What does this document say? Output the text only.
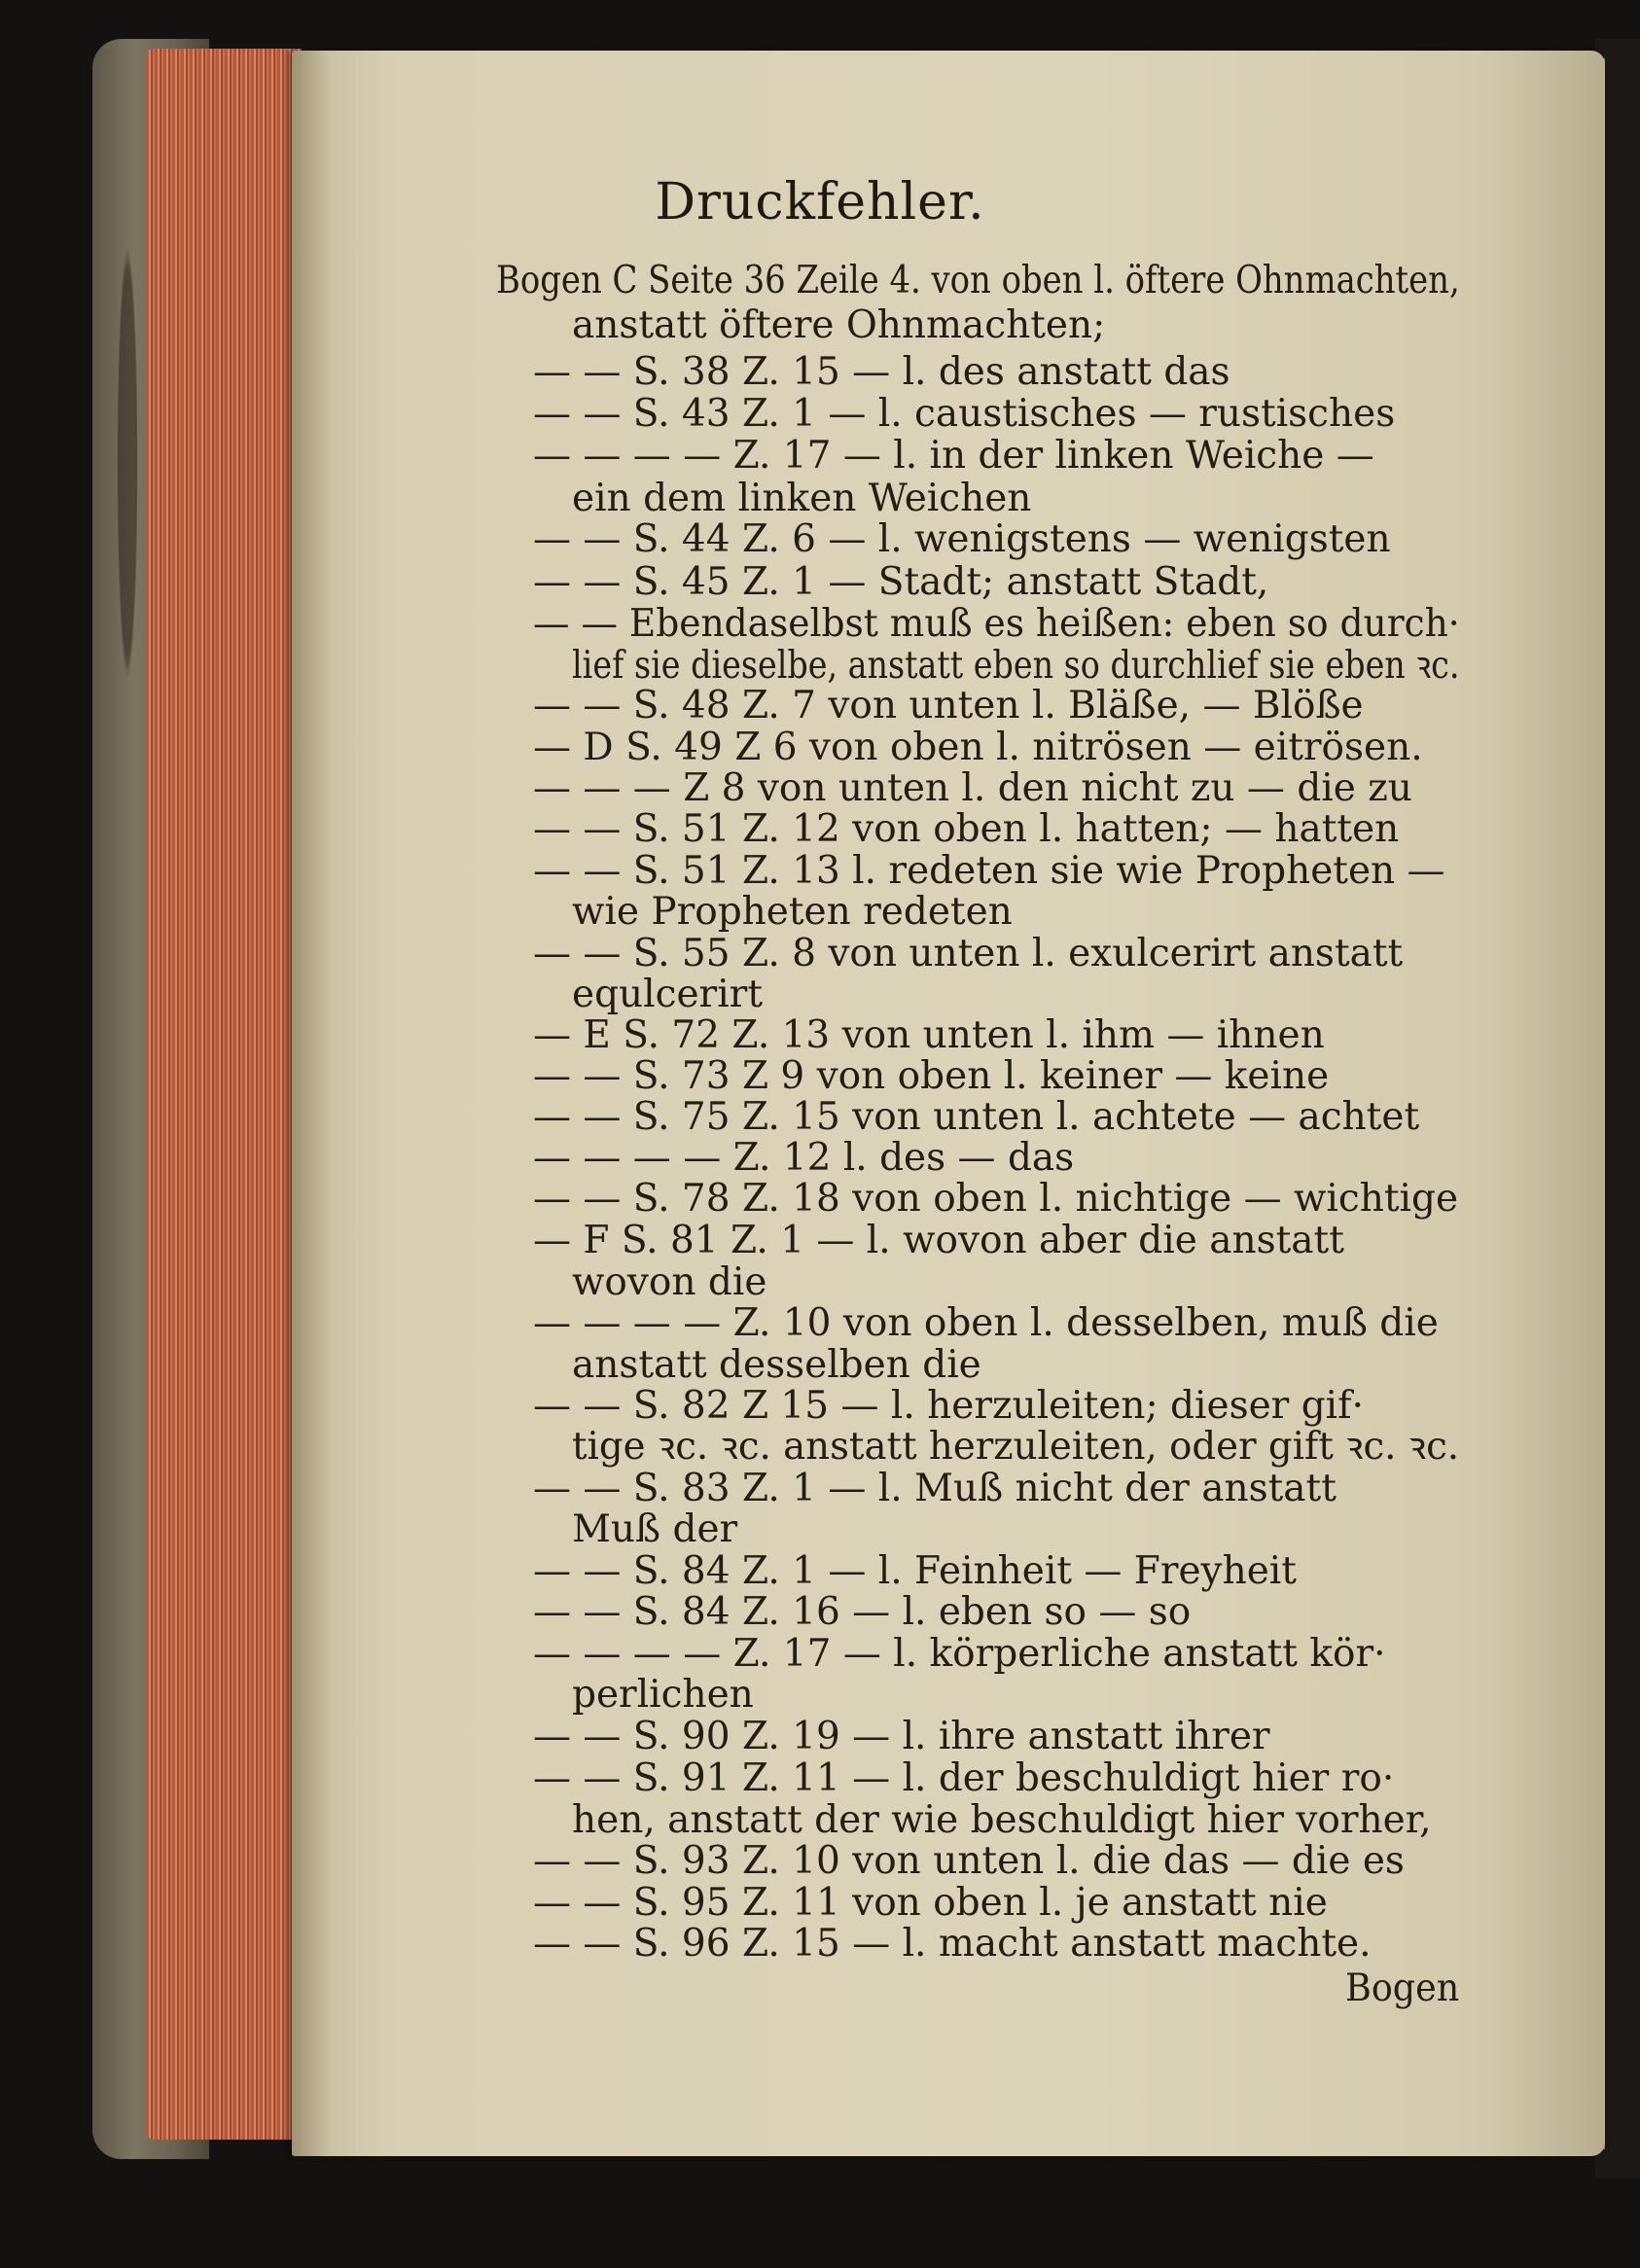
Druckfehler.
Bogen C Seite 36 Zeile 4. von oben l. öftere Ohnmachten,
anstatt öftere Ohnmachten;
— — S. 38 Z. 15 — l. des anstatt das
— — S. 43 Z. 1 — l. caustisches — rustisches
— — — — Z. 17 — l. in der linken Weiche —
ein dem linken Weichen
— — S. 44 Z. 6 — l. wenigstens — wenigsten
— — S. 45 Z. 1 — Stadt; anstatt Stadt,
— — Ebendaselbst muß es heißen: eben so durch·
lief sie dieselbe, anstatt eben so durchlief sie eben ꝛc.
— — S. 48 Z. 7 von unten l. Bläße, — Blöße
— D S. 49 Z 6 von oben l. nitrösen — eitrösen.
— — — Z 8 von unten l. den nicht zu — die zu
— — S. 51 Z. 12 von oben l. hatten; — hatten
— — S. 51 Z. 13 l. redeten sie wie Propheten —
wie Propheten redeten
— — S. 55 Z. 8 von unten l. exulcerirt anstatt
equlcerirt
— E S. 72 Z. 13 von unten l. ihm — ihnen
— — S. 73 Z 9 von oben l. keiner — keine
— — S. 75 Z. 15 von unten l. achtete — achtet
— — — — Z. 12 l. des — das
— — S. 78 Z. 18 von oben l. nichtige — wichtige
— F S. 81 Z. 1 — l. wovon aber die anstatt
wovon die
— — — — Z. 10 von oben l. desselben, muß die
anstatt desselben die
— — S. 82 Z 15 — l. herzuleiten; dieser gif·
tige ꝛc. ꝛc. anstatt herzuleiten, oder gift ꝛc. ꝛc.
— — S. 83 Z. 1 — l. Muß nicht der anstatt
Muß der
— — S. 84 Z. 1 — l. Feinheit — Freyheit
— — S. 84 Z. 16 — l. eben so — so
— — — — Z. 17 — l. körperliche anstatt kör·
perlichen
— — S. 90 Z. 19 — l. ihre anstatt ihrer
— — S. 91 Z. 11 — l. der beschuldigt hier ro·
hen, anstatt der wie beschuldigt hier vorher,
— — S. 93 Z. 10 von unten l. die das — die es
— — S. 95 Z. 11 von oben l. je anstatt nie
— — S. 96 Z. 15 — l. macht anstatt machte.
Bogen
